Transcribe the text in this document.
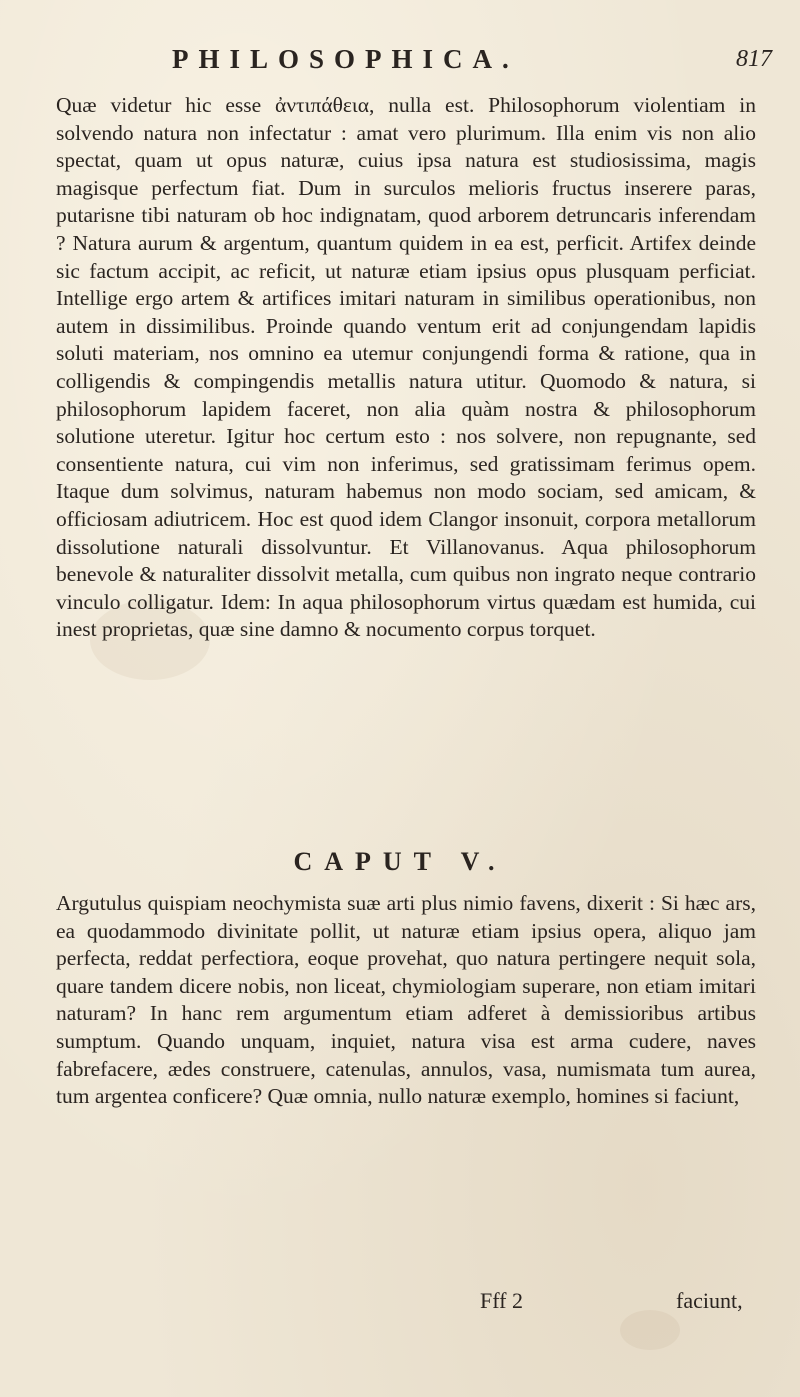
PHILOSOPHICA.	817

Quæ videtur hic esse ἀντιπάθεια, nulla est. Philosophorum violentiam in solvendo natura non infectatur : amat vero plurimum. Illa enim vis non alio spectat, quam ut opus naturæ, cuius ipsa natura est studiosissima, magis magisque perfectum fiat. Dum in surculos melioris fructus inserere paras, putarisne tibi naturam ob hoc indignatam, quod arborem detruncaris inferendam ? Natura aurum & argentum, quantum quidem in ea est, perficit. Artifex deinde sic factum accipit, ac reficit, ut naturæ etiam ipsius opus plusquam perficiat. Intellige ergo artem & artifices imitari naturam in similibus operationibus, non autem in dissimilibus. Proinde quando ventum erit ad conjungendam lapidis soluti materiam, nos omnino ea utemur conjungendi forma & ratione, qua in colligendis & compingendis metallis natura utitur. Quomodo & natura, si philosophorum lapidem faceret, non alia quàm nostra & philosophorum solutione uteretur. Igitur hoc certum esto : nos solvere, non repugnante, sed consentiente natura, cui vim non inferimus, sed gratissimam ferimus opem. Itaque dum solvimus, naturam habemus non modo sociam, sed amicam, & officiosam adiutricem. Hoc est quod idem Clangor insonuit, corpora metallorum dissolutione naturali dissolvuntur. Et Villanovanus. Aqua philosophorum benevole & naturaliter dissolvit metalla, cum quibus non ingrato neque contrario vinculo colligatur. Idem: In aqua philosophorum virtus quædam est humida, cui inest proprietas, quæ sine damno & nocumento corpus torquet.

CAPUT V.

Argutulus quispiam neochymista suæ arti plus nimio favens, dixerit : Si hæc ars, ea quodammodo divinitate pollit, ut naturæ etiam ipsius opera, aliquo jam perfecta, reddat perfectiora, eoque provehat, quo natura pertingere nequit sola, quare tandem dicere nobis, non liceat, chymiologiam superare, non etiam imitari naturam? In hanc rem argumentum etiam adferet à demissioribus artibus sumptum. Quando unquam, inquiet, natura visa est arma cudere, naves fabrefacere, ædes construere, catenulas, annulos, vasa, numismata tum aurea, tum argentea conficere? Quæ omnia, nullo naturæ exemplo, homines si faciunt,

Fff 2	faciunt,
